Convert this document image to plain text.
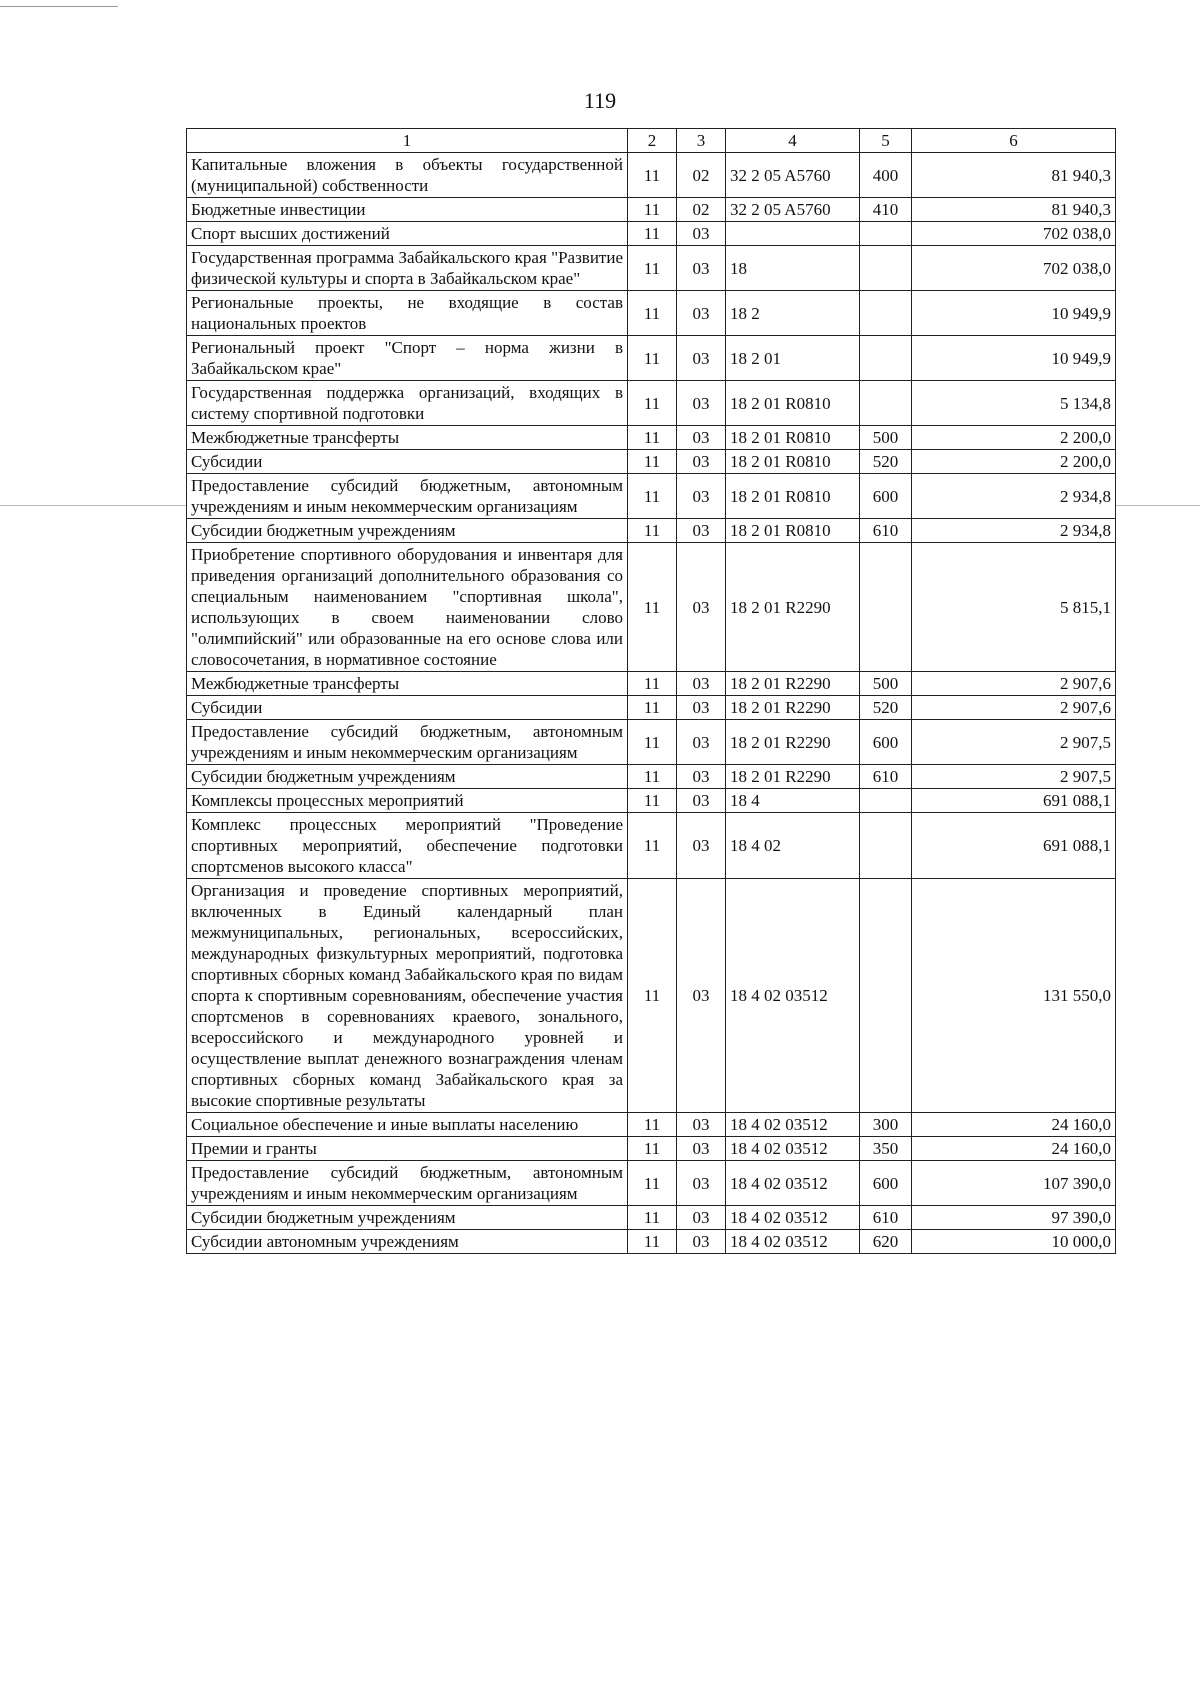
119
1	2	3	4	5	6
Капитальные вложения в объекты государственной (муниципальной) собственности	11	02	32 2 05 A5760	400	81 940,3
Бюджетные инвестиции	11	02	32 2 05 A5760	410	81 940,3
Спорт высших достижений	11	03			702 038,0
Государственная программа Забайкальского края "Развитие физической культуры и спорта в Забайкальском крае"	11	03	18		702 038,0
Региональные проекты, не входящие в состав национальных проектов	11	03	18 2		10 949,9
Региональный проект "Спорт – норма жизни в Забайкальском крае"	11	03	18 2 01		10 949,9
Государственная поддержка организаций, входящих в систему спортивной подготовки	11	03	18 2 01 R0810		5 134,8
Межбюджетные трансферты	11	03	18 2 01 R0810	500	2 200,0
Субсидии	11	03	18 2 01 R0810	520	2 200,0
Предоставление субсидий бюджетным, автономным учреждениям и иным некоммерческим организациям	11	03	18 2 01 R0810	600	2 934,8
Субсидии бюджетным учреждениям	11	03	18 2 01 R0810	610	2 934,8
Приобретение спортивного оборудования и инвентаря для приведения организаций дополнительного образования со специальным наименованием "спортивная школа", использующих в своем наименовании слово "олимпийский" или образованные на его основе слова или словосочетания, в нормативное состояние	11	03	18 2 01 R2290		5 815,1
Межбюджетные трансферты	11	03	18 2 01 R2290	500	2 907,6
Субсидии	11	03	18 2 01 R2290	520	2 907,6
Предоставление субсидий бюджетным, автономным учреждениям и иным некоммерческим организациям	11	03	18 2 01 R2290	600	2 907,5
Субсидии бюджетным учреждениям	11	03	18 2 01 R2290	610	2 907,5
Комплексы процессных мероприятий	11	03	18 4		691 088,1
Комплекс процессных мероприятий "Проведение спортивных мероприятий, обеспечение подготовки спортсменов высокого класса"	11	03	18 4 02		691 088,1
Организация и проведение спортивных мероприятий, включенных в Единый календарный план межмуниципальных, региональных, всероссийских, международных физкультурных мероприятий, подготовка спортивных сборных команд Забайкальского края по видам спорта к спортивным соревнованиям, обеспечение участия спортсменов в соревнованиях краевого, зонального, всероссийского и международного уровней и осуществление выплат денежного вознаграждения членам спортивных сборных команд Забайкальского края за высокие спортивные результаты	11	03	18 4 02 03512		131 550,0
Социальное обеспечение и иные выплаты населению	11	03	18 4 02 03512	300	24 160,0
Премии и гранты	11	03	18 4 02 03512	350	24 160,0
Предоставление субсидий бюджетным, автономным учреждениям и иным некоммерческим организациям	11	03	18 4 02 03512	600	107 390,0
Субсидии бюджетным учреждениям	11	03	18 4 02 03512	610	97 390,0
Субсидии автономным учреждениям	11	03	18 4 02 03512	620	10 000,0
